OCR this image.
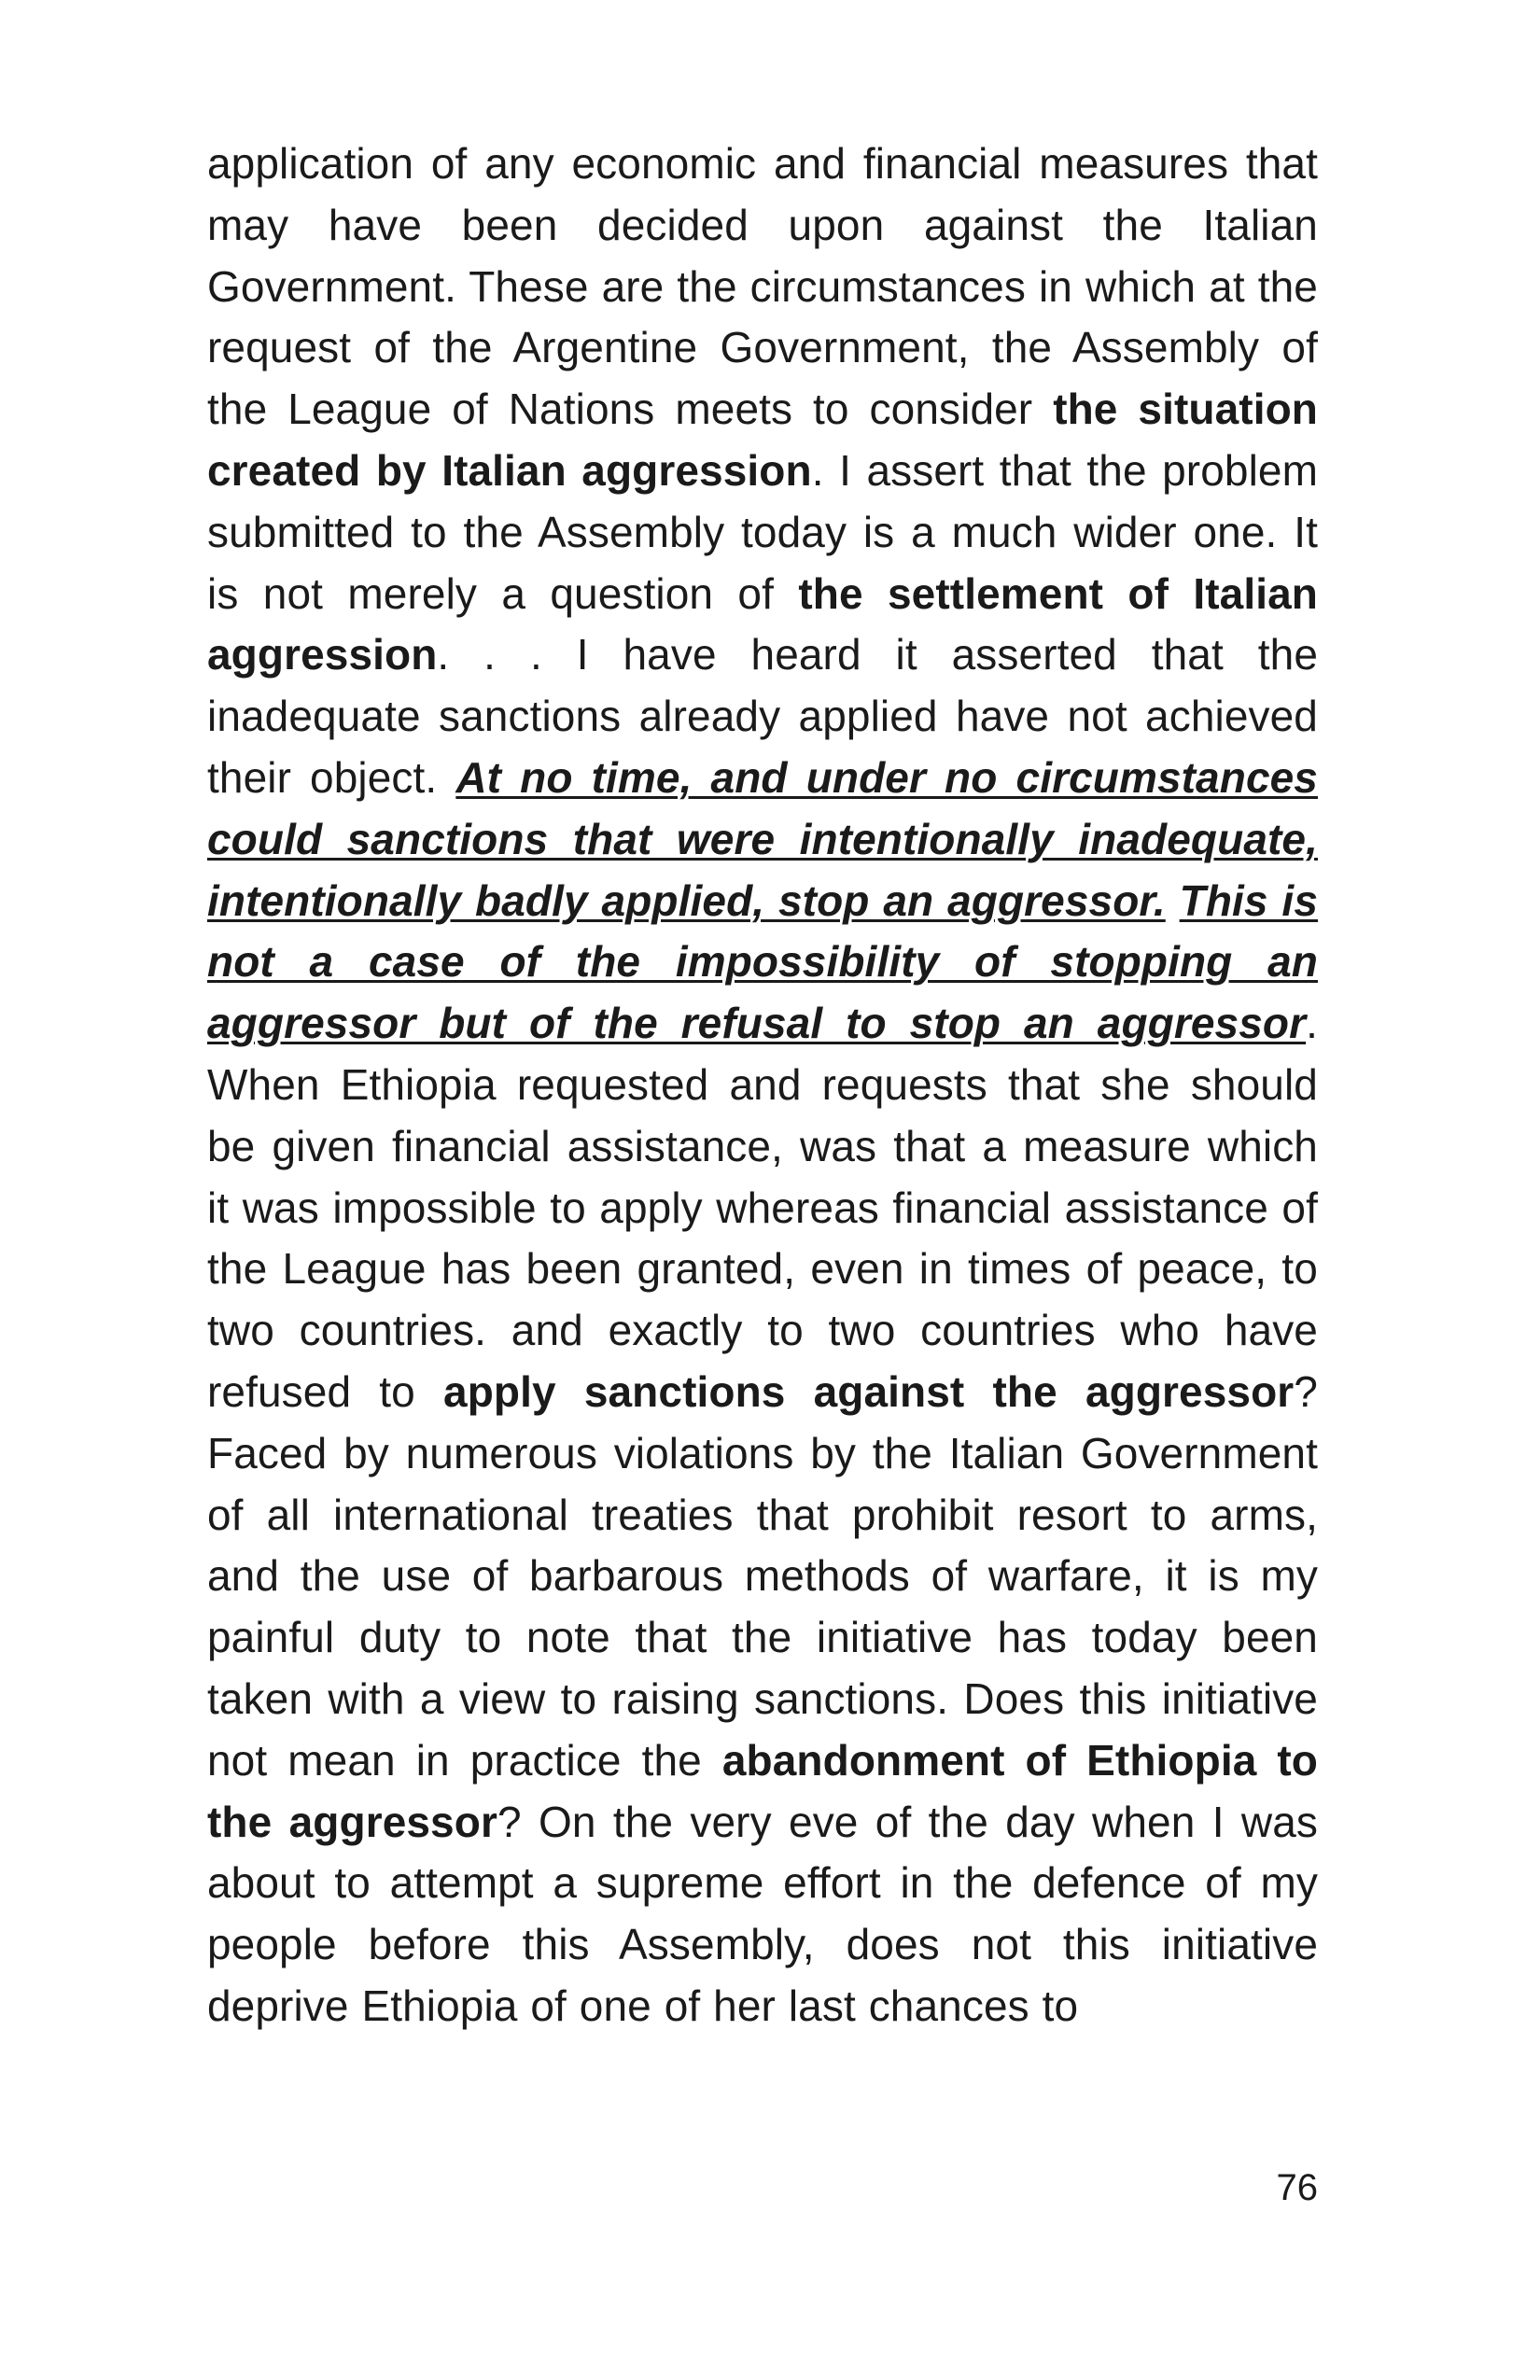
application of any economic and financial measures that may have been decided upon against the Italian Government. These are the circumstances in which at the request of the Argentine Government, the Assembly of the League of Nations meets to consider the situation created by Italian aggression. I assert that the problem submitted to the Assembly today is a much wider one. It is not merely a question of the settlement of Italian aggression. . . I have heard it asserted that the inadequate sanctions already applied have not achieved their object. At no time, and under no circumstances could sanctions that were intentionally inadequate, intentionally badly applied, stop an aggressor. This is not a case of the impossibility of stopping an aggressor but of the refusal to stop an aggressor. When Ethiopia requested and requests that she should be given financial assistance, was that a measure which it was impossible to apply whereas financial assistance of the League has been granted, even in times of peace, to two countries. and exactly to two countries who have refused to apply sanctions against the aggressor? Faced by numerous violations by the Italian Government of all international treaties that prohibit resort to arms, and the use of barbarous methods of warfare, it is my painful duty to note that the initiative has today been taken with a view to raising sanctions. Does this initiative not mean in practice the abandonment of Ethiopia to the aggressor? On the very eve of the day when I was about to attempt a supreme effort in the defence of my people before this Assembly, does not this initiative deprive Ethiopia of one of her last chances to
76
